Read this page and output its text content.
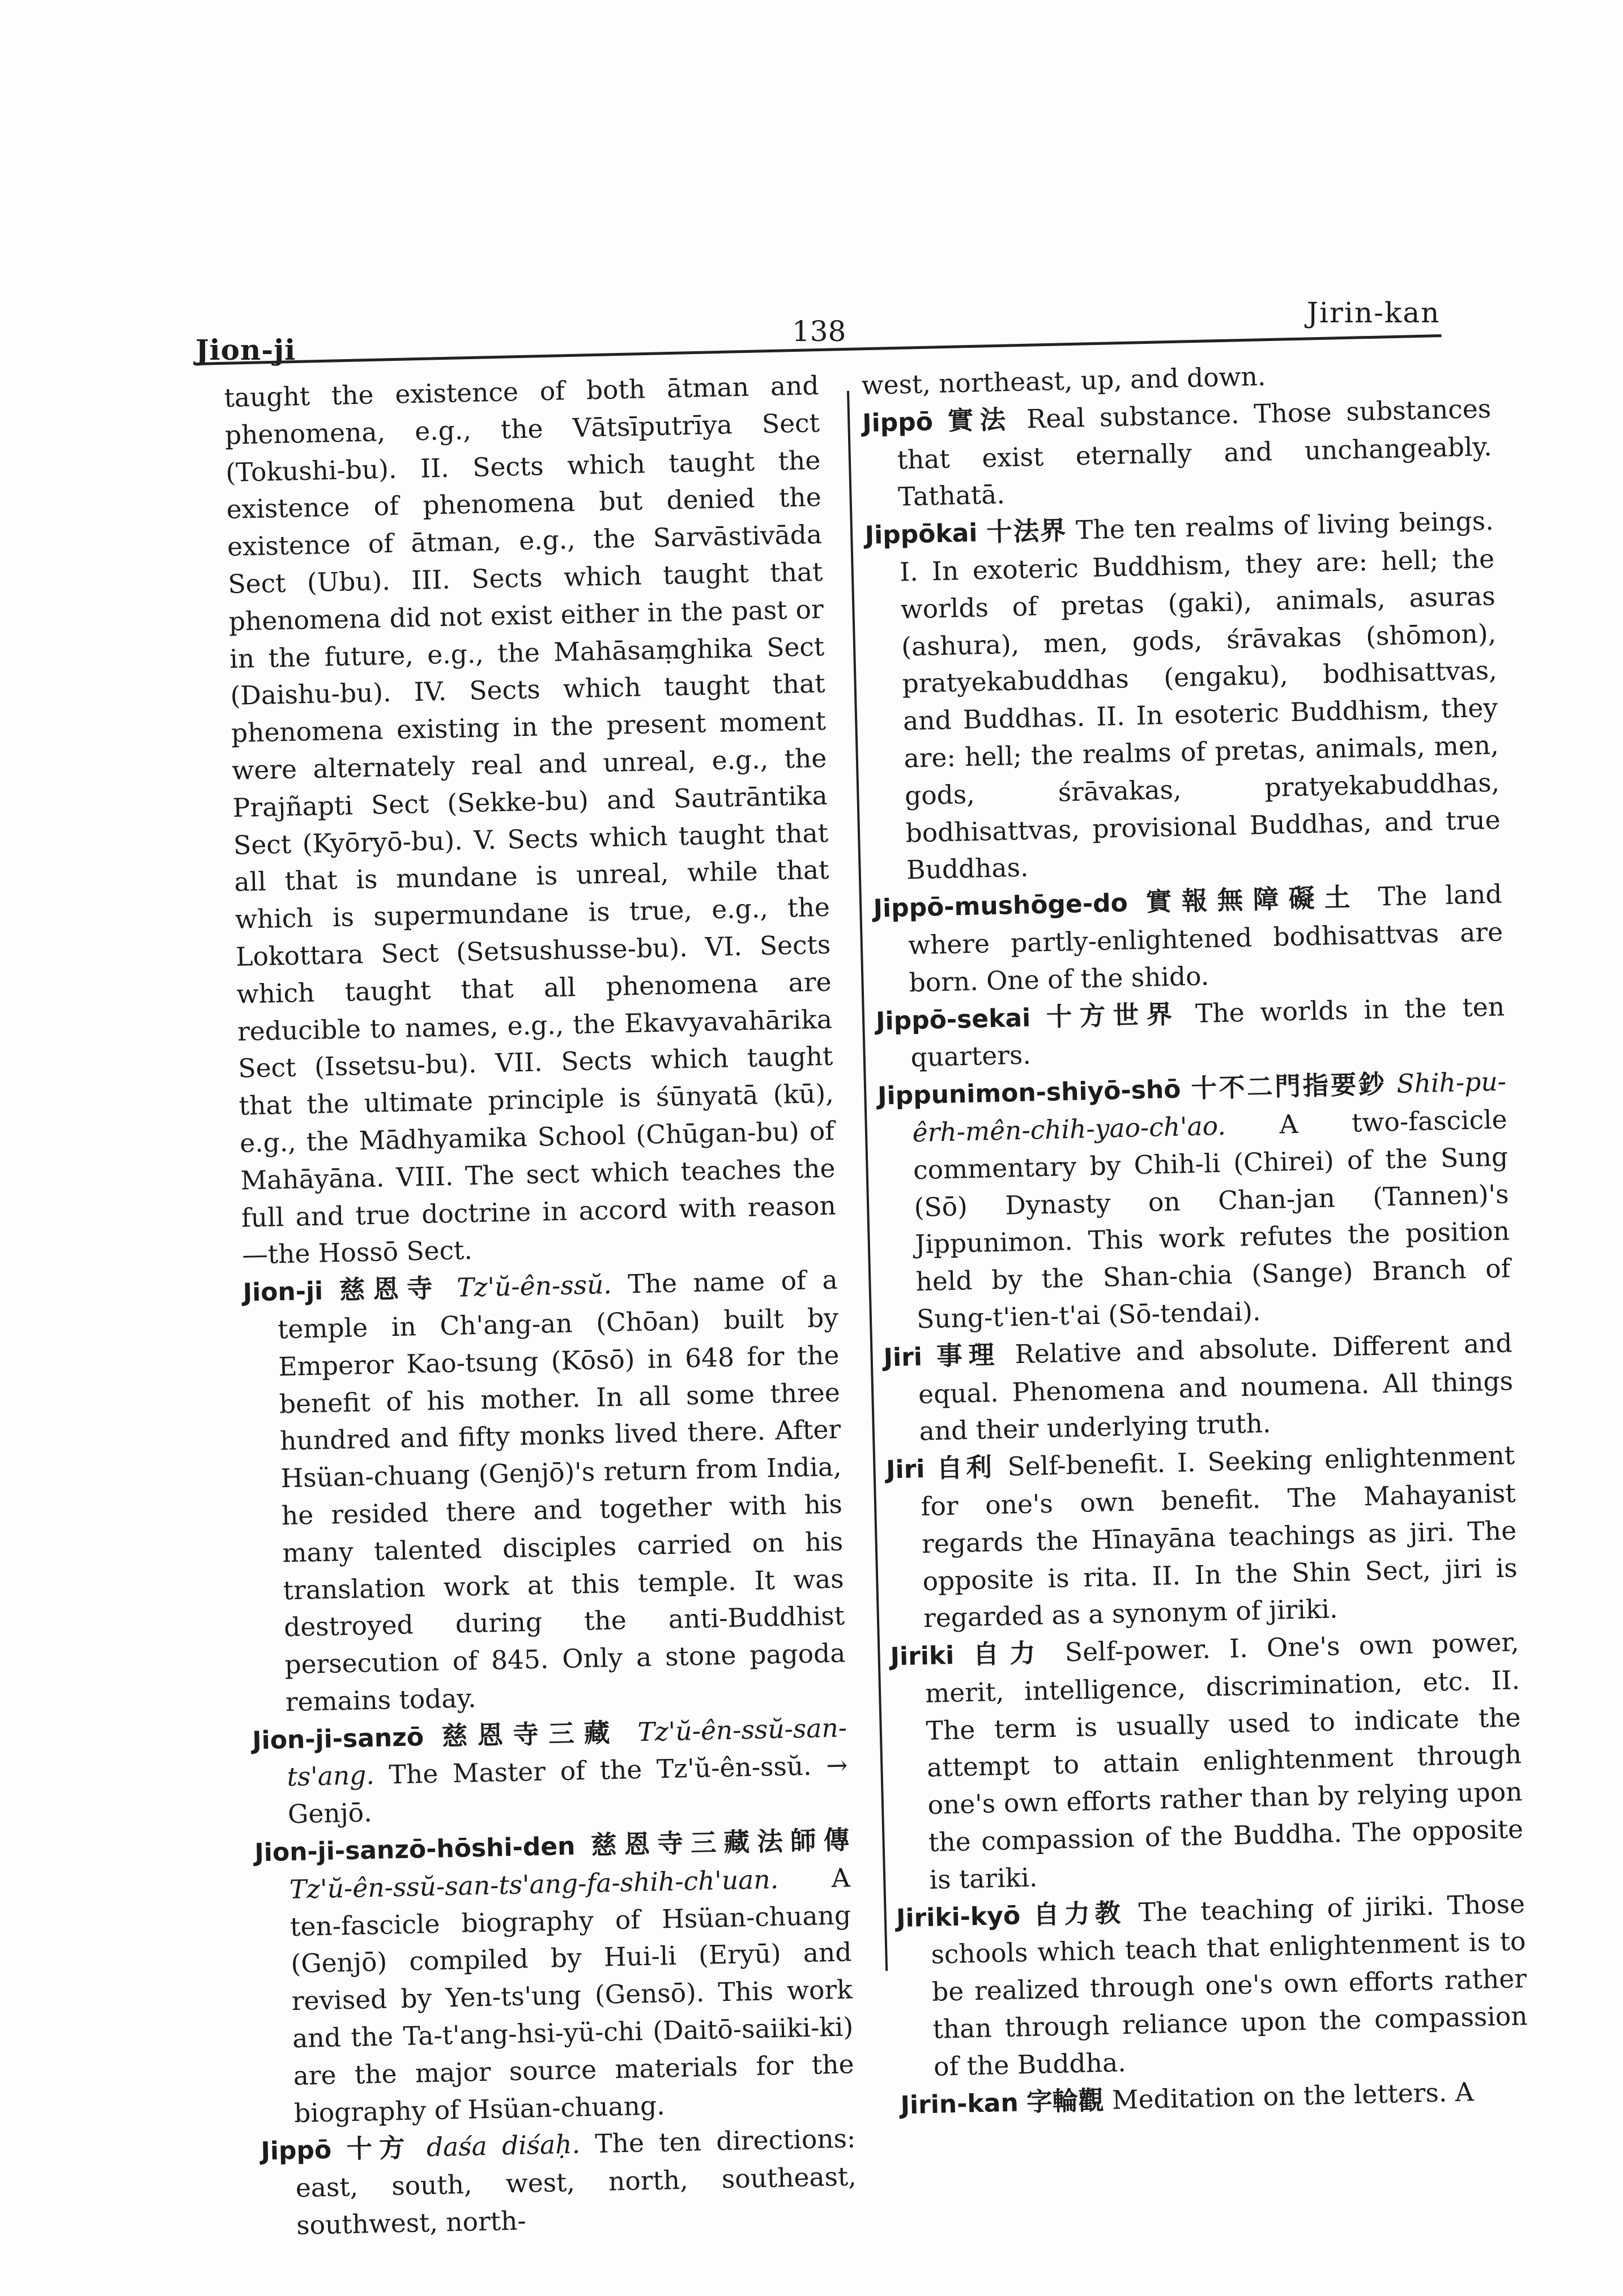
Jion-ji
138
Jirin-kan

taught the existence of both ātman and phenomena, e.g., the Vātsīputrīya Sect (Tokushi-bu). II. Sects which taught the existence of phenomena but denied the existence of ātman, e.g., the Sarvāstivāda Sect (Ubu). III. Sects which taught that phenomena did not exist either in the past or in the future, e.g., the Mahāsaṃghika Sect (Daishu-bu). IV. Sects which taught that phenomena existing in the present moment were alternately real and unreal, e.g., the Prajñapti Sect (Sekke-bu) and Sautrāntika Sect (Kyōryō-bu). V. Sects which taught that all that is mundane is unreal, while that which is supermundane is true, e.g., the Lokottara Sect (Setsushusse-bu). VI. Sects which taught that all phenomena are reducible to names, e.g., the Ekavyavahārika Sect (Issetsu-bu). VII. Sects which taught that the ultimate principle is śūnyatā (kū), e.g., the Mādhyamika School (Chūgan-bu) of Mahāyāna. VIII. The sect which teaches the full and true doctrine in accord with reason—the Hossō Sect.

Jion-ji 慈恩寺 Tz'ŭ-ên-ssŭ. The name of a temple in Ch'ang-an (Chōan) built by Emperor Kao-tsung (Kōsō) in 648 for the benefit of his mother. In all some three hundred and fifty monks lived there. After Hsüan-chuang (Genjō)'s return from India, he resided there and together with his many talented disciples carried on his translation work at this temple. It was destroyed during the anti-Buddhist persecution of 845. Only a stone pagoda remains today.

Jion-ji-sanzō 慈恩寺三藏 Tz'ŭ-ên-ssŭ-san-ts'ang. The Master of the Tz'ŭ-ên-ssŭ. → Genjō.

Jion-ji-sanzō-hōshi-den 慈恩寺三藏法師傳 Tz'ŭ-ên-ssŭ-san-ts'ang-fa-shih-ch'uan. A ten-fascicle biography of Hsüan-chuang (Genjō) compiled by Hui-li (Eryū) and revised by Yen-ts'ung (Gensō). This work and the Ta-t'ang-hsi-yü-chi (Daitō-saiiki-ki) are the major source materials for the biography of Hsüan-chuang.

Jippō 十方 daśa diśaḥ. The ten directions: east, south, west, north, southeast, southwest, north-

west, northeast, up, and down.

Jippō 實法 Real substance. Those substances that exist eternally and unchangeably. Tathatā.

Jippōkai 十法界 The ten realms of living beings. I. In exoteric Buddhism, they are: hell; the worlds of pretas (gaki), animals, asuras (ashura), men, gods, śrāvakas (shōmon), pratyekabuddhas (engaku), bodhisattvas, and Buddhas. II. In esoteric Buddhism, they are: hell; the realms of pretas, animals, men, gods, śrāvakas, pratyekabuddhas, bodhisattvas, provisional Buddhas, and true Buddhas.

Jippō-mushōge-do 實報無障礙土 The land where partly-enlightened bodhisattvas are born. One of the shido.

Jippō-sekai 十方世界 The worlds in the ten quarters.

Jippunimon-shiyō-shō 十不二門指要鈔 Shih-pu-êrh-mên-chih-yao-ch'ao. A two-fascicle commentary by Chih-li (Chirei) of the Sung (Sō) Dynasty on Chan-jan (Tannen)'s Jippunimon. This work refutes the position held by the Shan-chia (Sange) Branch of Sung-t'ien-t'ai (Sō-tendai).

Jiri 事理 Relative and absolute. Different and equal. Phenomena and noumena. All things and their underlying truth.

Jiri 自利 Self-benefit. I. Seeking enlightenment for one's own benefit. The Mahayanist regards the Hīnayāna teachings as jiri. The opposite is rita. II. In the Shin Sect, jiri is regarded as a synonym of jiriki.

Jiriki 自力 Self-power. I. One's own power, merit, intelligence, discrimination, etc. II. The term is usually used to indicate the attempt to attain enlightenment through one's own efforts rather than by relying upon the compassion of the Buddha. The opposite is tariki.

Jiriki-kyō 自力教 The teaching of jiriki. Those schools which teach that enlightenment is to be realized through one's own efforts rather than through reliance upon the compassion of the Buddha.

Jirin-kan 字輪觀 Meditation on the letters. A
